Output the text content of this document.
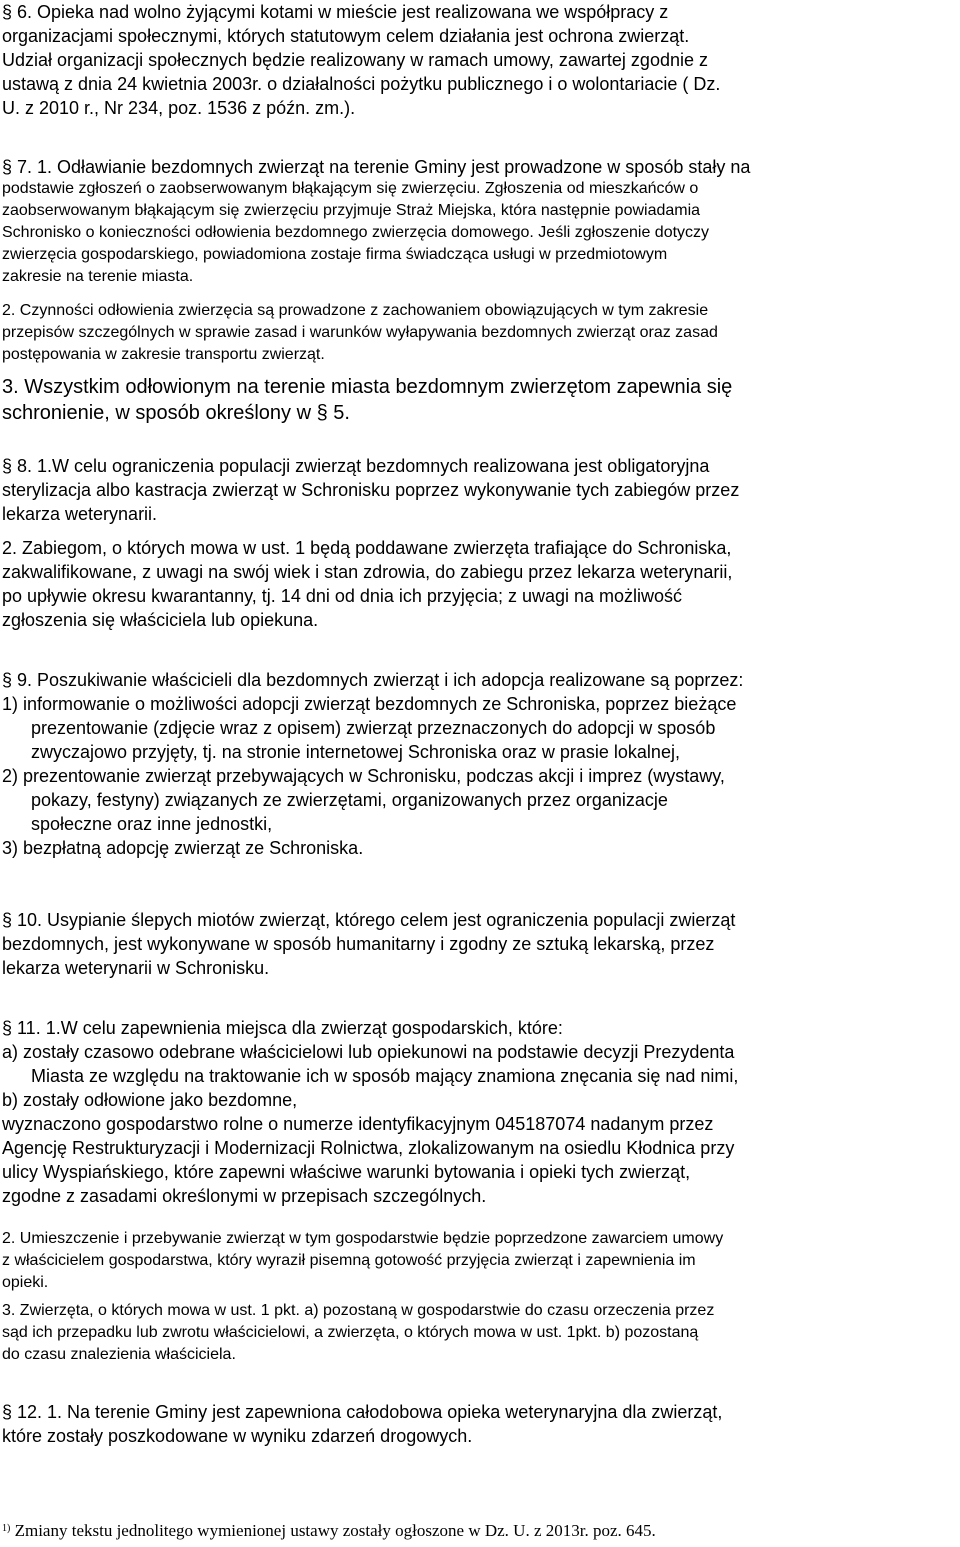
§ 6. Opieka nad wolno żyjącymi kotami w mieście jest realizowana we współpracy z
organizacjami społecznymi, których statutowym celem działania jest ochrona zwierząt.
Udział organizacji społecznych będzie realizowany w ramach umowy, zawartej zgodnie z
ustawą z dnia 24 kwietnia 2003r. o działalności pożytku publicznego i o wolontariacie ( Dz.
U. z 2010 r., Nr 234, poz. 1536 z późn. zm.).
§ 7. 1. Odławianie bezdomnych zwierząt na terenie Gminy jest prowadzone w sposób stały na
podstawie zgłoszeń o zaobserwowanym błąkającym się zwierzęciu. Zgłoszenia od mieszkańców o
zaobserwowanym błąkającym się zwierzęciu przyjmuje Straż Miejska, która następnie powiadamia
Schronisko o konieczności odłowienia bezdomnego zwierzęcia domowego. Jeśli zgłoszenie dotyczy
zwierzęcia gospodarskiego, powiadomiona zostaje firma świadcząca usługi w przedmiotowym
zakresie na terenie miasta.
2. Czynności odłowienia zwierzęcia są prowadzone z zachowaniem obowiązujących w tym zakresie
przepisów szczególnych w sprawie zasad i warunków wyłapywania bezdomnych zwierząt oraz zasad
postępowania w zakresie transportu zwierząt.
3. Wszystkim odłowionym na terenie miasta bezdomnym zwierzętom zapewnia się
schronienie, w sposób określony w § 5.
§ 8. 1.W celu ograniczenia populacji zwierząt bezdomnych realizowana jest obligatoryjna
sterylizacja albo kastracja zwierząt w Schronisku poprzez wykonywanie tych zabiegów przez
lekarza weterynarii.
2. Zabiegom, o których mowa w ust. 1 będą poddawane zwierzęta trafiające do Schroniska,
zakwalifikowane, z uwagi na swój wiek i stan zdrowia, do zabiegu przez lekarza weterynarii,
po upływie okresu kwarantanny, tj. 14 dni od dnia ich przyjęcia; z uwagi na możliwość
zgłoszenia się właściciela lub opiekuna.
§ 9. Poszukiwanie właścicieli dla bezdomnych zwierząt i ich adopcja realizowane są poprzez:
1) informowanie o możliwości adopcji zwierząt bezdomnych ze Schroniska, poprzez bieżące
prezentowanie (zdjęcie wraz z opisem) zwierząt przeznaczonych do adopcji w sposób
zwyczajowo przyjęty, tj. na stronie internetowej Schroniska oraz w prasie lokalnej,
2) prezentowanie zwierząt przebywających w Schronisku, podczas akcji i imprez (wystawy,
pokazy, festyny) związanych ze zwierzętami, organizowanych przez organizacje
społeczne oraz inne jednostki,
3) bezpłatną adopcję zwierząt ze Schroniska.
§ 10. Usypianie ślepych miotów zwierząt, którego celem jest ograniczenia populacji zwierząt
bezdomnych, jest wykonywane w sposób humanitarny i zgodny ze sztuką lekarską, przez
lekarza weterynarii w Schronisku.
§ 11. 1.W celu zapewnienia miejsca dla zwierząt gospodarskich, które:
a) zostały czasowo odebrane właścicielowi lub opiekunowi na podstawie decyzji Prezydenta
Miasta ze względu na traktowanie ich w sposób mający znamiona znęcania się nad nimi,
b) zostały odłowione jako bezdomne,
wyznaczono gospodarstwo rolne o numerze identyfikacyjnym 045187074 nadanym przez
Agencję Restrukturyzacji i Modernizacji Rolnictwa, zlokalizowanym na osiedlu Kłodnica przy
ulicy Wyspiańskiego, które zapewni właściwe warunki bytowania i opieki tych zwierząt,
zgodne z zasadami określonymi w przepisach szczególnych.
2. Umieszczenie i przebywanie zwierząt w tym gospodarstwie będzie poprzedzone zawarciem umowy
z właścicielem gospodarstwa, który wyraził pisemną gotowość przyjęcia zwierząt i zapewnienia im
opieki.
3. Zwierzęta, o których mowa w ust. 1 pkt. a) pozostaną w gospodarstwie do czasu orzeczenia przez
sąd ich przepadku lub zwrotu właścicielowi, a zwierzęta, o których mowa w ust. 1pkt. b) pozostaną
do czasu znalezienia właściciela.
§ 12. 1. Na terenie Gminy jest zapewniona całodobowa opieka weterynaryjna dla zwierząt,
które zostały poszkodowane w wyniku zdarzeń drogowych.
$^{1)}$ Zmiany tekstu jednolitego wymienionej ustawy zostały ogłoszone w Dz. U. z 2013r. poz. 645.
